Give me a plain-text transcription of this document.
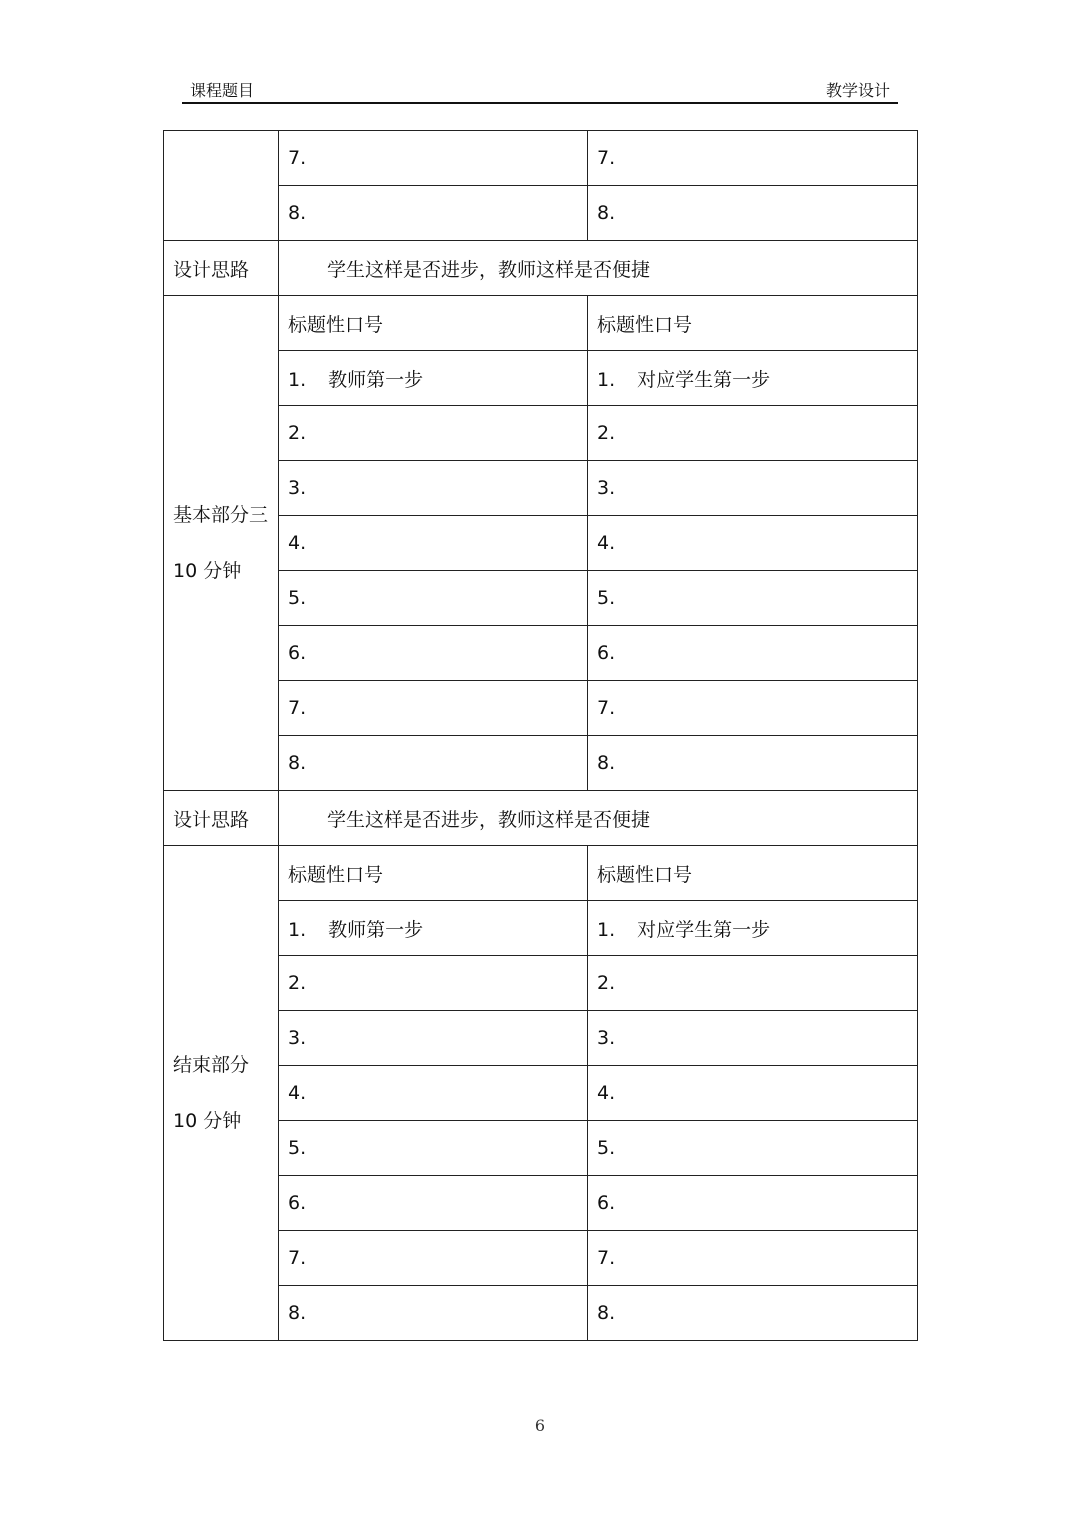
课程题目	教学设计
	7.	7.
	8.	8.
设计思路	学生这样是否进步，教师这样是否便捷	

基本部分三
10 分钟	标题性口号	标题性口号
	1. 教师第一步	1. 对应学生第一步
	2.	2.
	3.	3.
	4.	4.
	5.	5.
	6.	6.
	7.	7.
	8.	8.
设计思路	学生这样是否进步，教师这样是否便捷	

结束部分
10 分钟	标题性口号	标题性口号
	1. 教师第一步	1. 对应学生第一步
	2.	2.
	3.	3.
	4.	4.
	5.	5.
	6.	6.
	7.	7.
	8.	8.
6
